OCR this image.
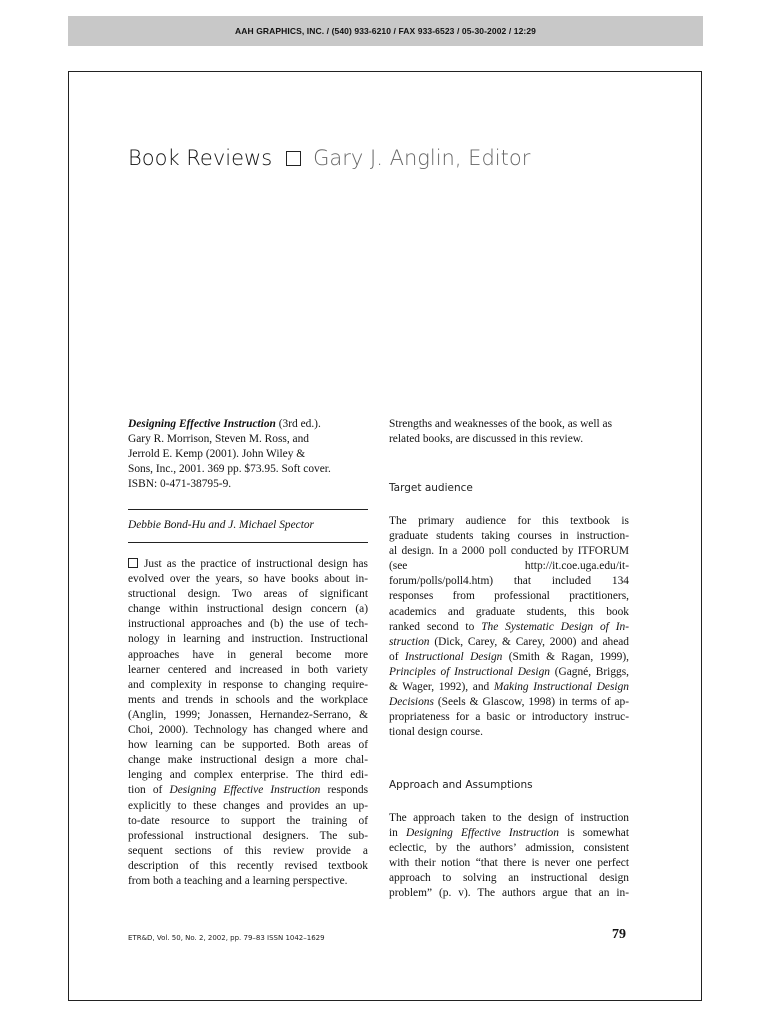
AAH GRAPHICS, INC. / (540) 933-6210 / FAX 933-6523 / 05-30-2002 / 12:29
Book Reviews Gary J. Anglin, Editor
Designing Effective Instruction (3rd ed.).
Gary R. Morrison, Steven M. Ross, and
Jerrold E. Kemp (2001). John Wiley &
Sons, Inc., 2001. 369 pp. $73.95. Soft cover.
ISBN: 0-471-38795-9.
Debbie Bond-Hu and J. Michael Spector
Just as the practice of instructional design has
evolved over the years, so have books about in-
structional design. Two areas of significant
change within instructional design concern (a)
instructional approaches and (b) the use of tech-
nology in learning and instruction. Instructional
approaches have in general become more
learner centered and increased in both variety
and complexity in response to changing require-
ments and trends in schools and the workplace
(Anglin, 1999; Jonassen, Hernandez-Serrano, &
Choi, 2000). Technology has changed where and
how learning can be supported. Both areas of
change make instructional design a more chal-
lenging and complex enterprise. The third edi-
tion of Designing Effective Instruction responds
explicitly to these changes and provides an up-
to-date resource to support the training of
professional instructional designers. The sub-
sequent sections of this review provide a
description of this recently revised textbook
from both a teaching and a learning perspective.
Strengths and weaknesses of the book, as well as
related books, are discussed in this review.
Target audience
The primary audience for this textbook is
graduate students taking courses in instruction-
al design. In a 2000 poll conducted by ITFORUM
(see	http://it.coe.uga.edu/it-
forum/polls/poll4.htm) that included 134
responses from professional practitioners,
academics and graduate students, this book
ranked second to The Systematic Design of In-
struction (Dick, Carey, & Carey, 2000) and ahead
of Instructional Design (Smith & Ragan, 1999),
Principles of Instructional Design (Gagné, Briggs,
& Wager, 1992), and Making Instructional Design
Decisions (Seels & Glascow, 1998) in terms of ap-
propriateness for a basic or introductory instruc-
tional design course.
Approach and Assumptions
The approach taken to the design of instruction
in Designing Effective Instruction is somewhat
eclectic, by the authors’ admission, consistent
with their notion “that there is never one perfect
approach to solving an instructional design
problem” (p. v). The authors argue that an in-
ETR&D, Vol. 50, No. 2, 2002, pp. 79–83 ISSN 1042–1629	79
